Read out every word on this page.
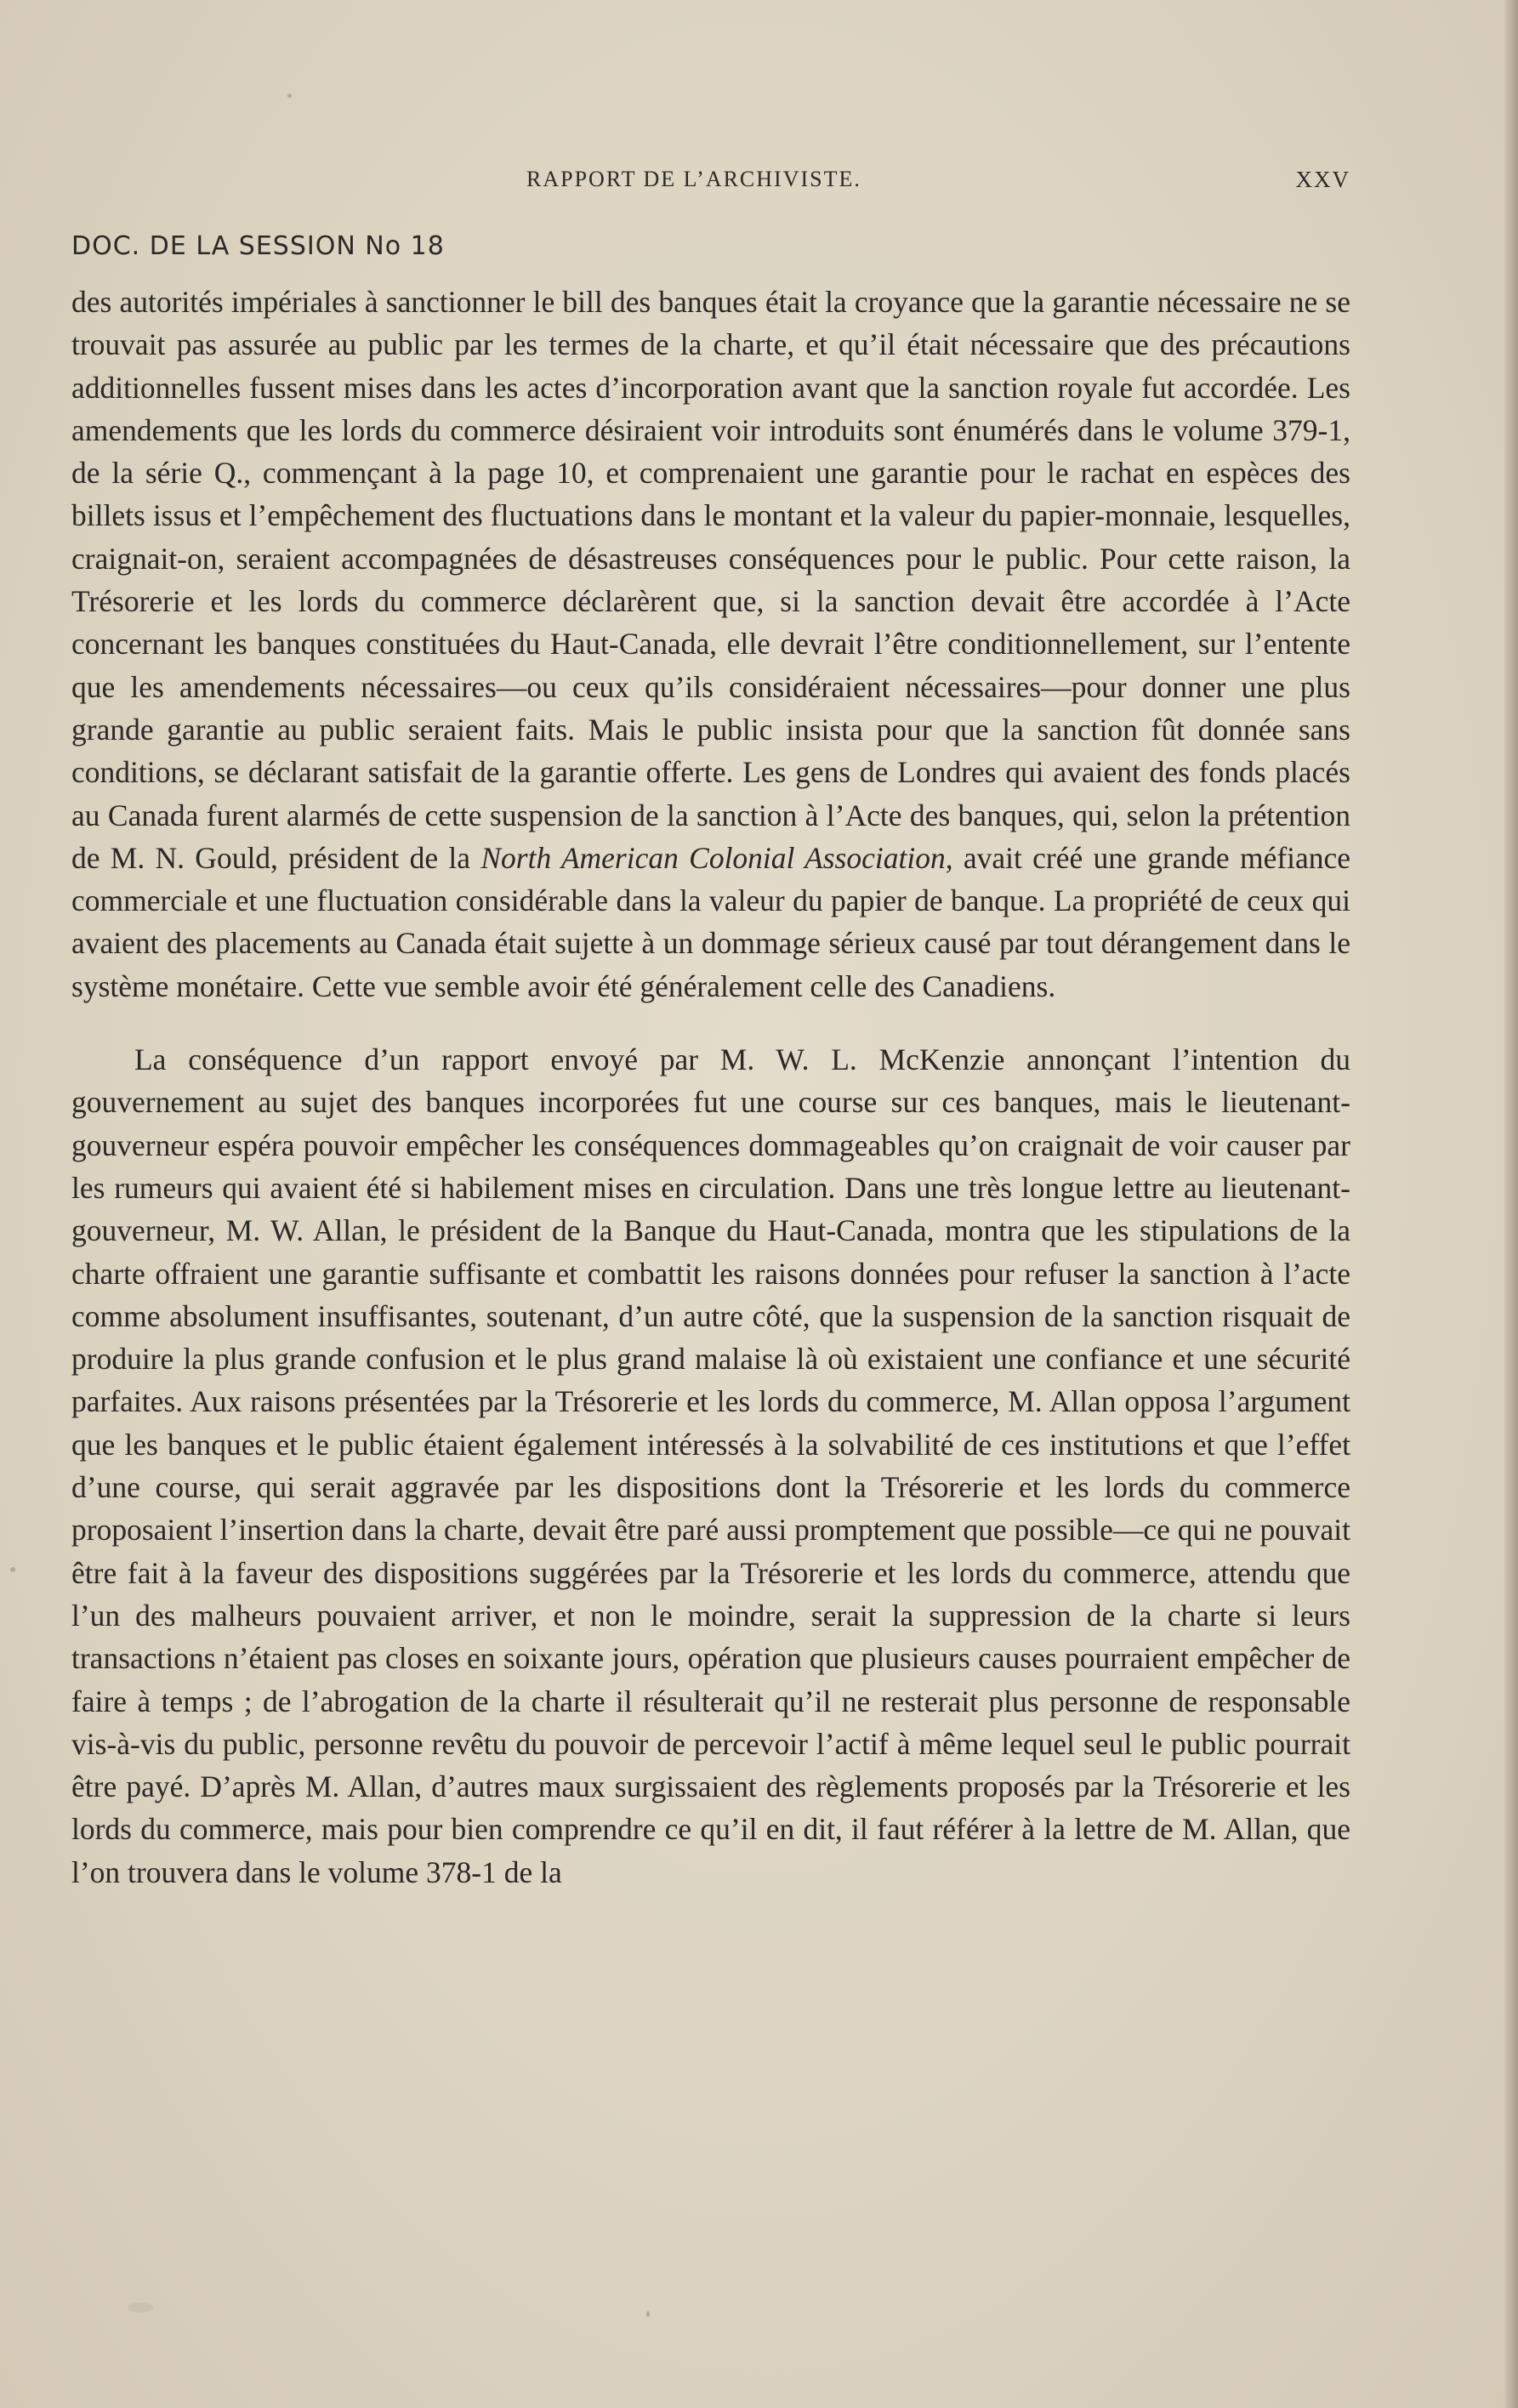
RAPPORT DE L’ARCHIVISTE.	XXV
DOC. DE LA SESSION No 18

des autorités impériales à sanctionner le bill des banques était la croyance que la garantie nécessaire ne se trouvait pas assurée au public par les termes de la charte, et qu’il était nécessaire que des précautions additionnelles fussent mises dans les actes d’incorporation avant que la sanction royale fut accordée. Les amendements que les lords du commerce désiraient voir introduits sont énumérés dans le volume 379-1, de la série Q., commençant à la page 10, et comprenaient une garantie pour le rachat en espèces des billets issus et l’empêchement des fluctuations dans le montant et la valeur du papier-monnaie, lesquelles, craignait-on, seraient accompagnées de désastreuses conséquences pour le public. Pour cette raison, la Trésorerie et les lords du commerce déclarèrent que, si la sanction devait être accordée à l’Acte concernant les banques constituées du Haut-Canada, elle devrait l’être conditionnellement, sur l’entente que les amendements nécessaires—ou ceux qu’ils considéraient nécessaires—pour donner une plus grande garantie au public seraient faits. Mais le public insista pour que la sanction fût donnée sans conditions, se déclarant satisfait de la garantie offerte. Les gens de Londres qui avaient des fonds placés au Canada furent alarmés de cette suspension de la sanction à l’Acte des banques, qui, selon la prétention de M. N. Gould, président de la North American Colonial Association, avait créé une grande méfiance commerciale et une fluctuation considérable dans la valeur du papier de banque. La propriété de ceux qui avaient des placements au Canada était sujette à un dommage sérieux causé par tout dérangement dans le système monétaire. Cette vue semble avoir été généralement celle des Canadiens.

La conséquence d’un rapport envoyé par M. W. L. McKenzie annonçant l’intention du gouvernement au sujet des banques incorporées fut une course sur ces banques, mais le lieutenant-gouverneur espéra pouvoir empêcher les conséquences dommageables qu’on craignait de voir causer par les rumeurs qui avaient été si habilement mises en circulation. Dans une très longue lettre au lieutenant-gouverneur, M. W. Allan, le président de la Banque du Haut-Canada, montra que les stipulations de la charte offraient une garantie suffisante et combattit les raisons données pour refuser la sanction à l’acte comme absolument insuffisantes, soutenant, d’un autre côté, que la suspension de la sanction risquait de produire la plus grande confusion et le plus grand malaise là où existaient une confiance et une sécurité parfaites. Aux raisons présentées par la Trésorerie et les lords du commerce, M. Allan opposa l’argument que les banques et le public étaient également intéressés à la solvabilité de ces institutions et que l’effet d’une course, qui serait aggravée par les dispositions dont la Trésorerie et les lords du commerce proposaient l’insertion dans la charte, devait être paré aussi promptement que possible—ce qui ne pouvait être fait à la faveur des dispositions suggérées par la Trésorerie et les lords du commerce, attendu que l’un des malheurs pouvaient arriver, et non le moindre, serait la suppression de la charte si leurs transactions n’étaient pas closes en soixante jours, opération que plusieurs causes pourraient empêcher de faire à temps ; de l’abrogation de la charte il résulterait qu’il ne resterait plus personne de responsable vis-à-vis du public, personne revêtu du pouvoir de percevoir l’actif à même lequel seul le public pourrait être payé. D’après M. Allan, d’autres maux surgissaient des règlements proposés par la Trésorerie et les lords du commerce, mais pour bien comprendre ce qu’il en dit, il faut référer à la lettre de M. Allan, que l’on trouvera dans le volume 378-1 de la
